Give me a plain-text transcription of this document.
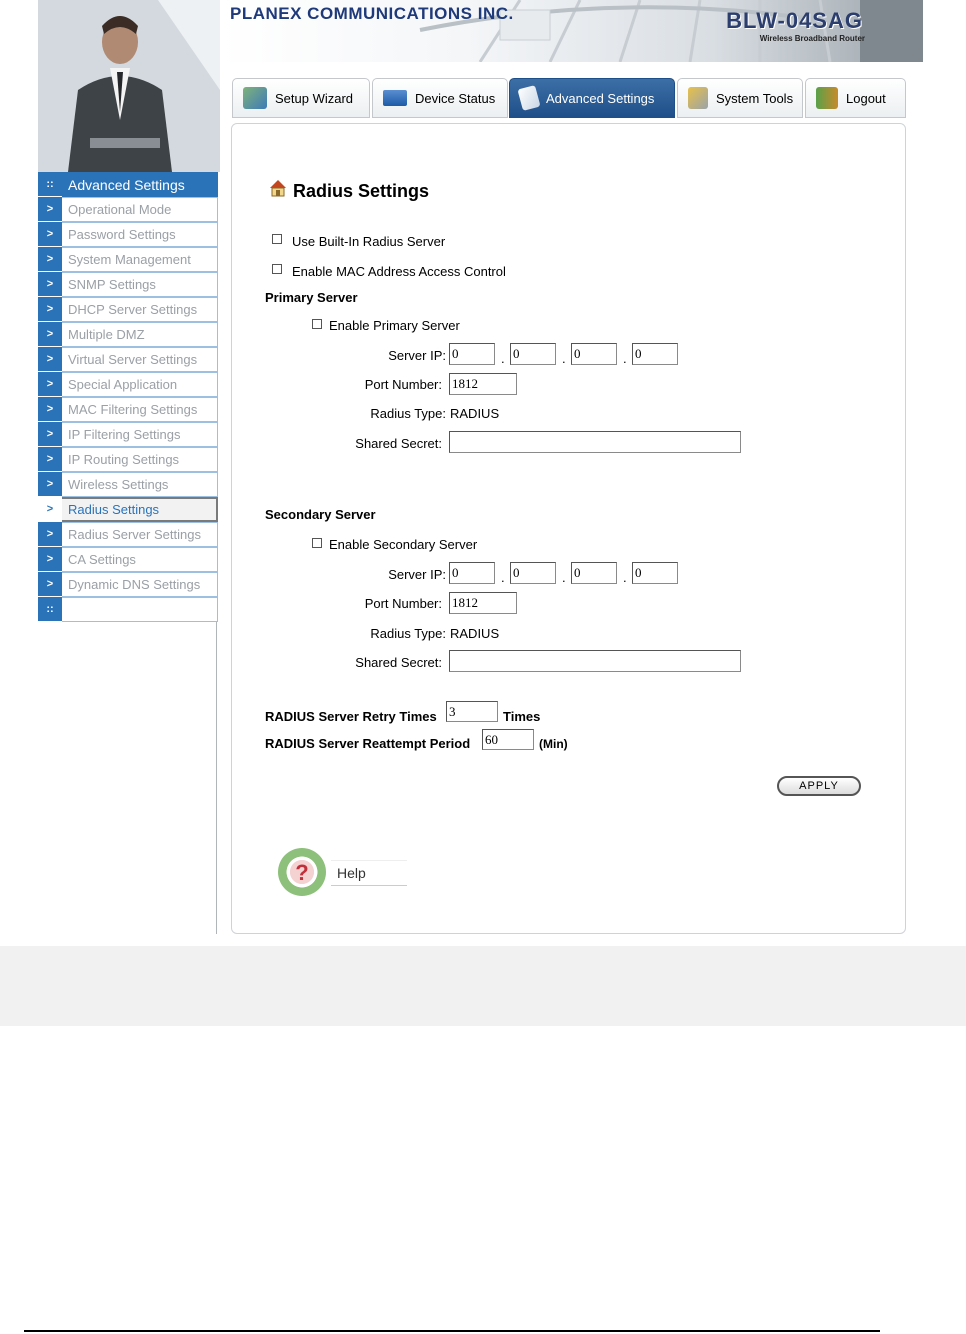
PLANEX COMMUNICATIONS INC.	BLW-04SAG
Wireless Broadband Router
Setup Wizard	Device Status	Advanced Settings	System Tools	Logout
::	Advanced Settings
>	Operational Mode
>	Password Settings
>	System Management
>	SNMP Settings
>	DHCP Server Settings
>	Multiple DMZ
>	Virtual Server Settings
>	Special Application
>	MAC Filtering Settings
>	IP Filtering Settings
>	IP Routing Settings
>	Wireless Settings
>	Radius Settings
>	Radius Server Settings
>	CA Settings
>	Dynamic DNS Settings
::
Radius Settings
Use Built-In Radius Server
Enable MAC Address Access Control
Primary Server
Enable Primary Server
Server IP:
0	.
0	.
0	.
0
Port Number:
1812
Radius Type: RADIUS
Shared Secret:
Secondary Server
Enable Secondary Server
Server IP:
0	.
0	.
0	.
0
Port Number:
1812
Radius Type: RADIUS
Shared Secret:
RADIUS Server Retry Times
3	Times
RADIUS Server Reattempt Period
60	(Min)
APPLY
?	Help
